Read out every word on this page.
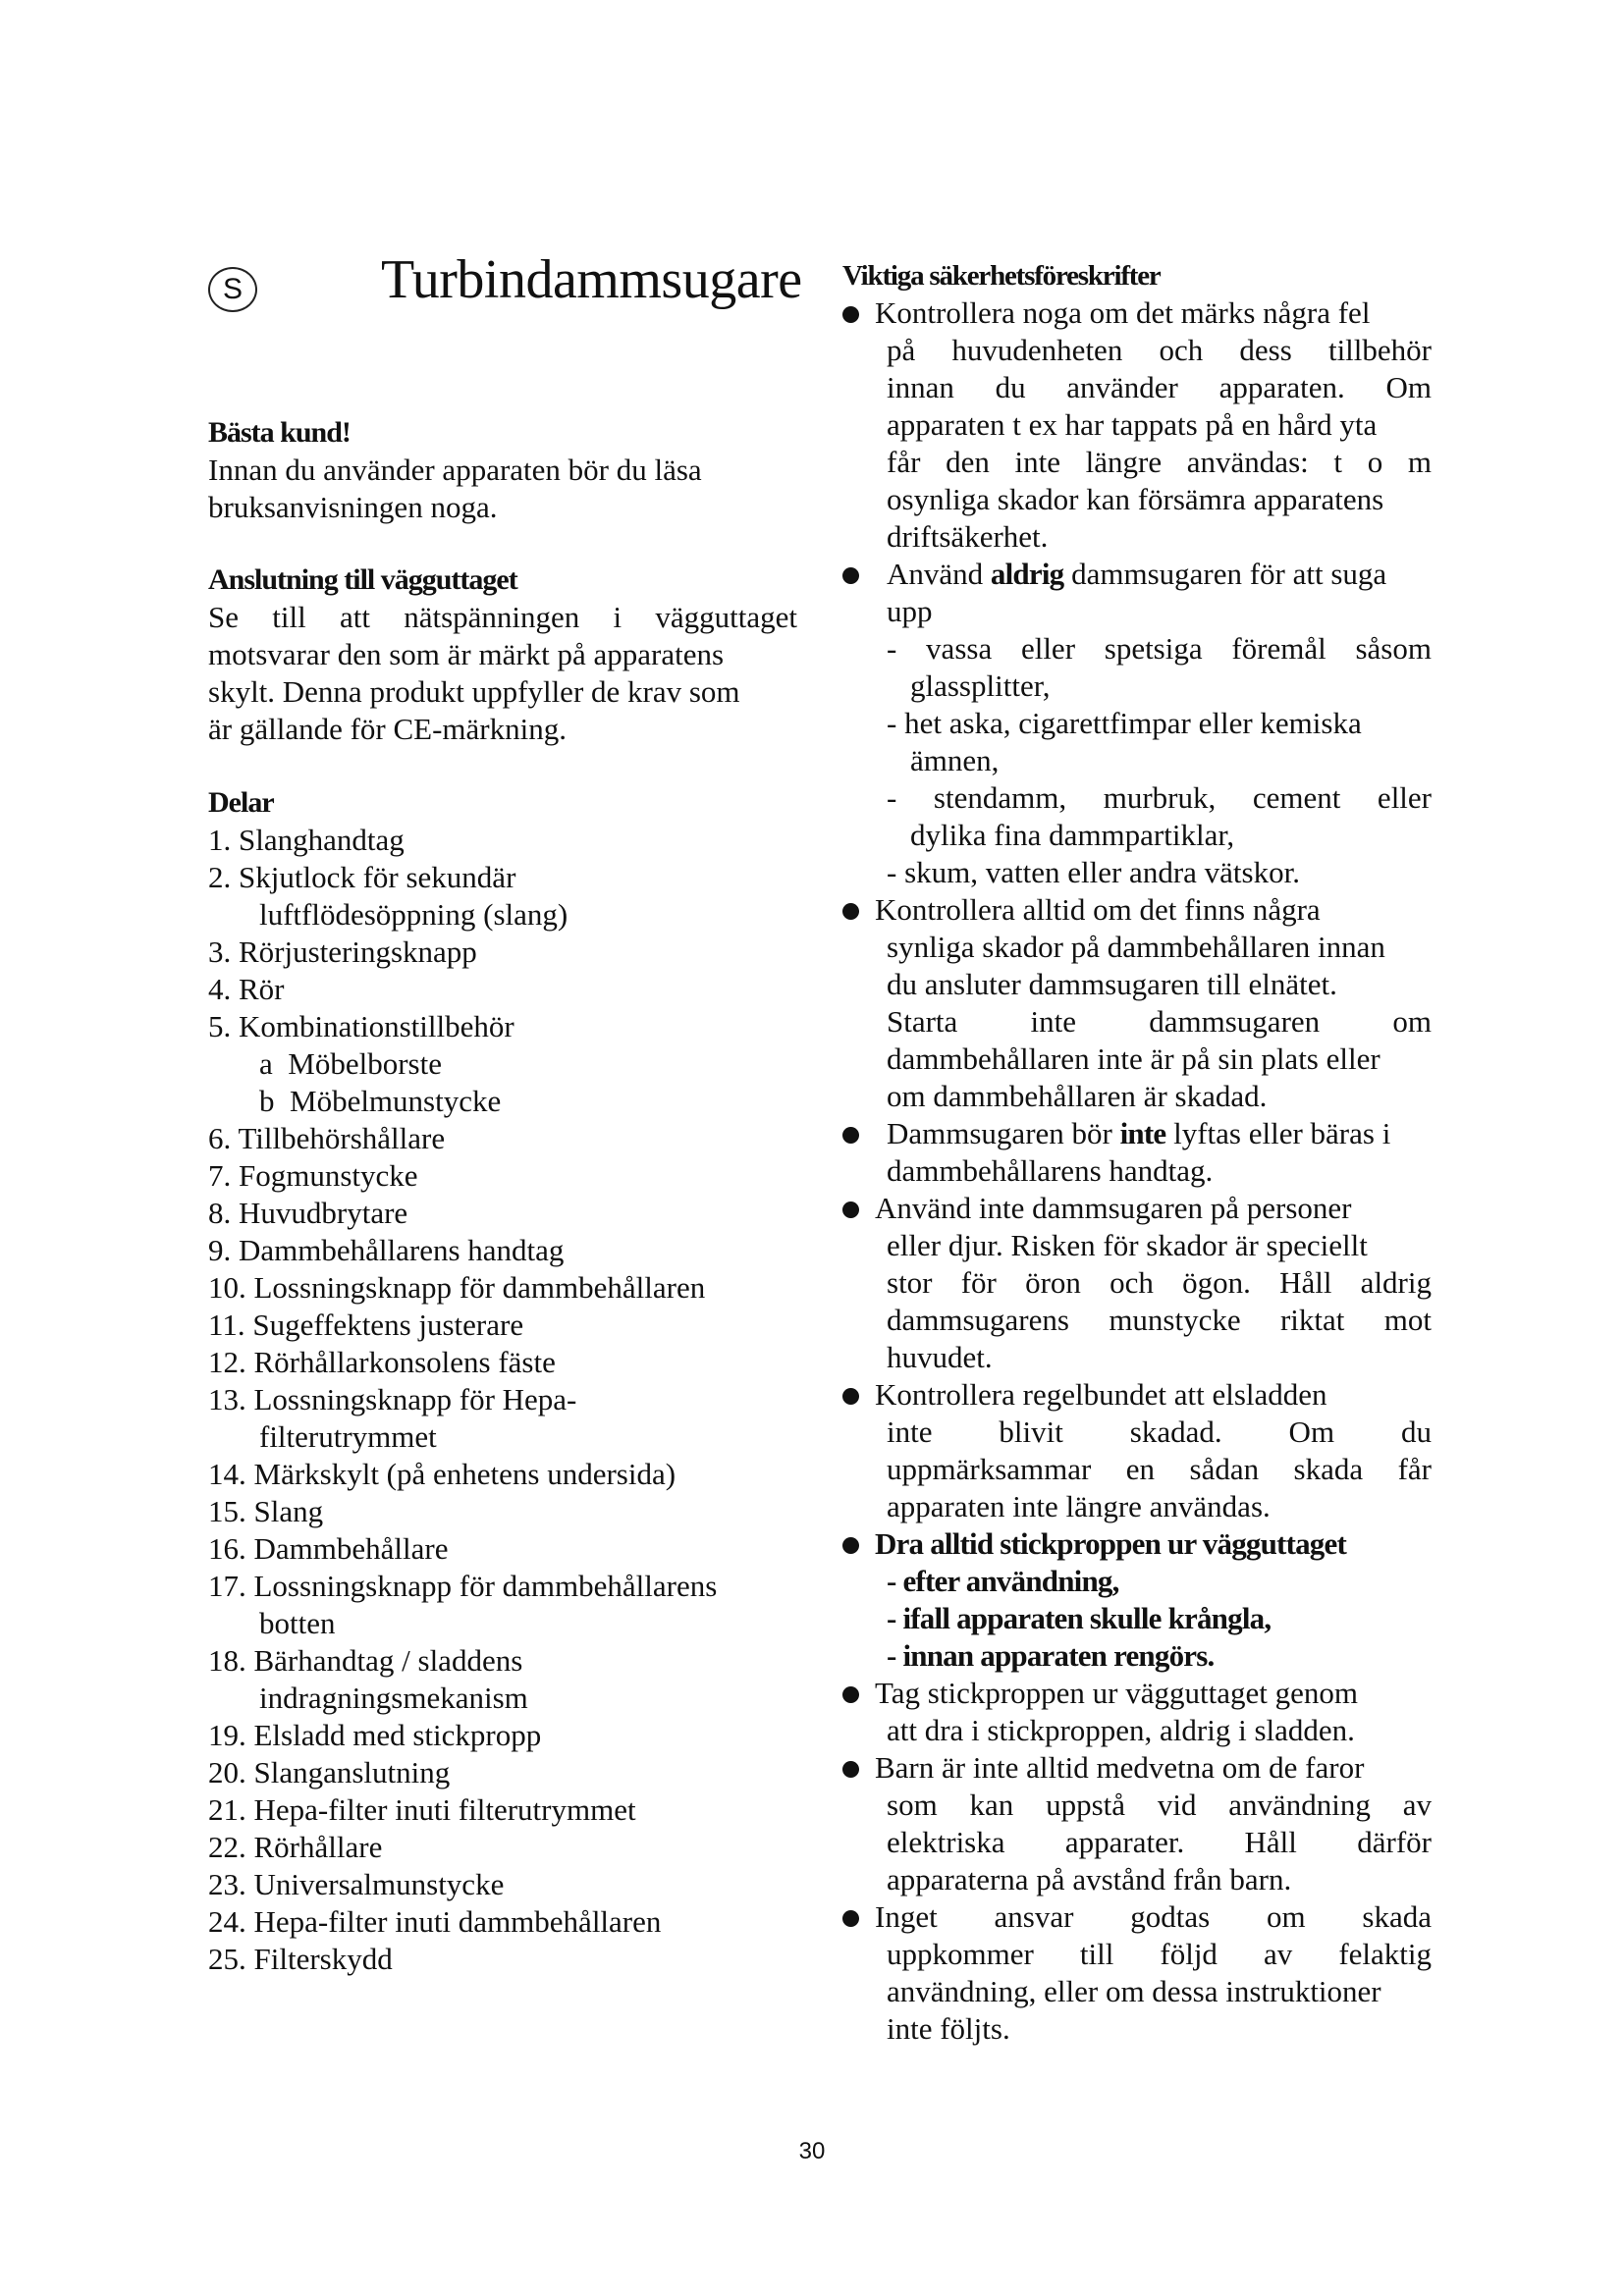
S	Turbindammsugare
Bästa kund!
Innan du använder apparaten bör du läsa
bruksanvisningen noga.
Anslutning till vägguttaget
Se till att nätspänningen i vägguttaget
motsvarar den som är märkt på apparatens
skylt. Denna produkt uppfyller de krav som
är gällande för CE-märkning.
Delar
1. Slanghandtag
2. Skjutlock för sekundär
luftflödesöppning (slang)
3. Rörjusteringsknapp
4. Rör
5. Kombinationstillbehör
a  Möbelborste
b  Möbelmunstycke
6. Tillbehörshållare
7. Fogmunstycke
8. Huvudbrytare
9. Dammbehållarens handtag
10. Lossningsknapp för dammbehållaren
11. Sugeffektens justerare
12. Rörhållarkonsolens fäste
13. Lossningsknapp för Hepa-
filterutrymmet
14. Märkskylt (på enhetens undersida)
15. Slang
16. Dammbehållare
17. Lossningsknapp för dammbehållarens
botten
18. Bärhandtag / sladdens
indragningsmekanism
19. Elsladd med stickpropp
20. Slanganslutning
21. Hepa-filter inuti filterutrymmet
22. Rörhållare
23. Universalmunstycke
24. Hepa-filter inuti dammbehållaren
25. Filterskydd
Viktiga säkerhetsföreskrifter
Kontrollera noga om det märks några fel
på huvudenheten och dess tillbehör
innan du använder apparaten. Om
apparaten t ex har tappats på en hård yta
får den inte längre användas: t o m
osynliga skador kan försämra apparatens
driftsäkerhet.
Använd aldrig dammsugaren för att suga
upp
- vassa eller spetsiga föremål såsom
glassplitter,
- het aska, cigarettfimpar eller kemiska
ämnen,
- stendamm, murbruk, cement eller
dylika fina dammpartiklar,
- skum, vatten eller andra vätskor.
Kontrollera alltid om det finns några
synliga skador på dammbehållaren innan
du ansluter dammsugaren till elnätet.
Starta inte dammsugaren om
dammbehållaren inte är på sin plats eller
om dammbehållaren är skadad.
Dammsugaren bör inte lyftas eller bäras i
dammbehållarens handtag.
Använd inte dammsugaren på personer
eller djur. Risken för skador är speciellt
stor för öron och ögon. Håll aldrig
dammsugarens munstycke riktat mot
huvudet.
Kontrollera regelbundet att elsladden
inte blivit skadad. Om du
uppmärksammar en sådan skada får
apparaten inte längre användas.
Dra alltid stickproppen ur vägguttaget
- efter användning,
- ifall apparaten skulle krångla,
- innan apparaten rengörs.
Tag stickproppen ur vägguttaget genom
att dra i stickproppen, aldrig i sladden.
Barn är inte alltid medvetna om de faror
som kan uppstå vid användning av
elektriska apparater. Håll därför
apparaterna på avstånd från barn.
Inget ansvar godtas om skada
uppkommer till följd av felaktig
användning, eller om dessa instruktioner
inte följts.
30
